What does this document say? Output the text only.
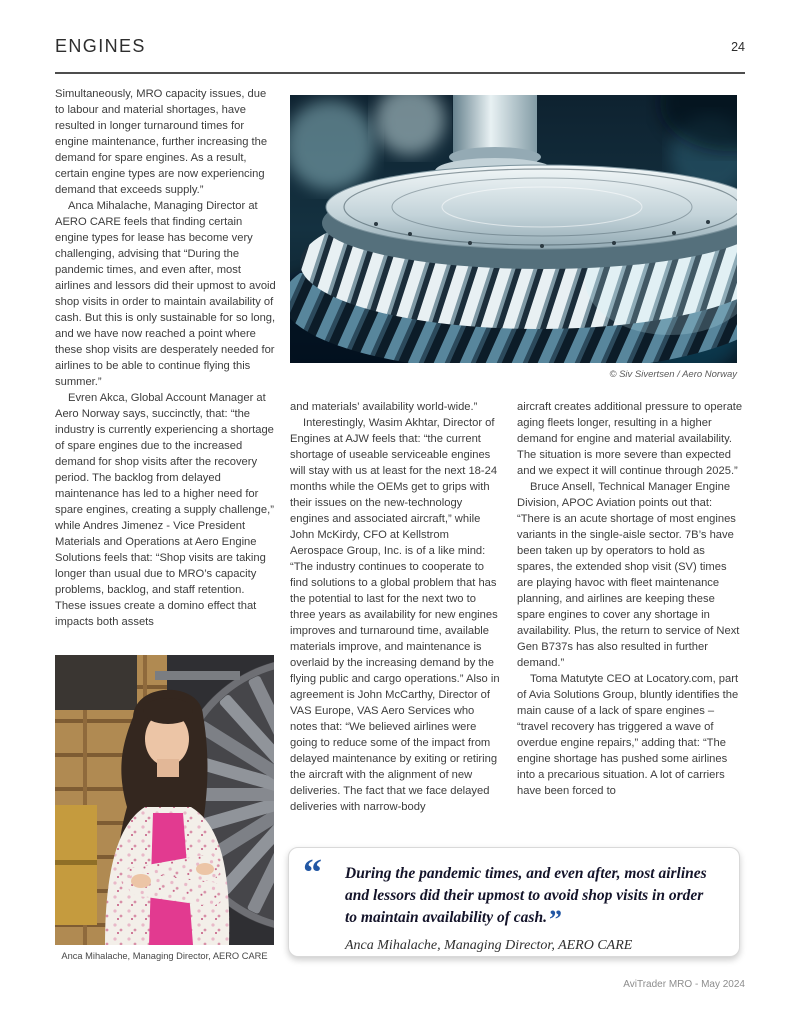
ENGINES	24

Simultaneously, MRO capacity issues, due to labour and material shortages, have resulted in longer turnaround times for engine maintenance, further increasing the demand for spare engines. As a result, certain engine types are now experiencing demand that exceeds supply.”

Anca Mihalache, Managing Director at AERO CARE feels that finding certain engine types for lease has become very challenging, advising that “During the pandemic times, and even after, most airlines and lessors did their upmost to avoid shop visits in order to maintain availability of cash. But this is only sustainable for so long, and we have now reached a point where these shop visits are desperately needed for airlines to be able to continue flying this summer.”

Evren Akca, Global Account Manager at Aero Norway says, succinctly, that: “the industry is currently experiencing a shortage of spare engines due to the increased demand for shop visits after the recovery period. The backlog from delayed maintenance has led to a higher need for spare engines, creating a supply challenge,” while Andres Jimenez - Vice President Materials and Operations at Aero Engine Solutions feels that: “Shop visits are taking longer than usual due to MRO’s capacity problems, backlog, and staff retention. These issues create a domino effect that impacts both assets

© Siv Sivertsen / Aero Norway

and materials’ availability world-wide.”

Interestingly, Wasim Akhtar, Director of Engines at AJW feels that: “the current shortage of useable serviceable engines will stay with us at least for the next 18-24 months while the OEMs get to grips with their issues on the new-technology engines and associated aircraft,” while John McKirdy, CFO at Kellstrom Aerospace Group, Inc. is of a like mind: “The industry continues to cooperate to find solutions to a global problem that has the potential to last for the next two to three years as availability for new engines improves and turnaround time, available materials improve, and maintenance is overlaid by the increasing demand by the flying public and cargo operations.” Also in agreement is John McCarthy, Director of VAS Europe, VAS Aero Services who notes that: “We believed airlines were going to reduce some of the impact from delayed maintenance by exiting or retiring the aircraft with the alignment of new deliveries. The fact that we face delayed deliveries with narrow-body

aircraft creates additional pressure to operate aging fleets longer, resulting in a higher demand for engine and material availability. The situation is more severe than expected and we expect it will continue through 2025.”

Bruce Ansell, Technical Manager Engine Division, APOC Aviation points out that: “There is an acute shortage of most engines variants in the single-aisle sector. 7B’s have been taken up by operators to hold as spares, the extended shop visit (SV) times are playing havoc with fleet maintenance planning, and airlines are keeping these spare engines to cover any shortage in availability. Plus, the return to service of Next Gen B737s has also resulted in further demand.”

Toma Matutyte CEO at Locatory.com, part of Avia Solutions Group, bluntly identifies the main cause of a lack of spare engines – “travel recovery has triggered a wave of overdue engine repairs,” adding that: “The engine shortage has pushed some airlines into a precarious situation. A lot of carriers have been forced to

Anca Mihalache, Managing Director, AERO CARE
“ During the pandemic times, and even after, most airlines and lessors did their upmost to avoid shop visits in order to maintain availability of cash.”
Anca Mihalache, Managing Director, AERO CARE
AviTrader MRO - May 2024
